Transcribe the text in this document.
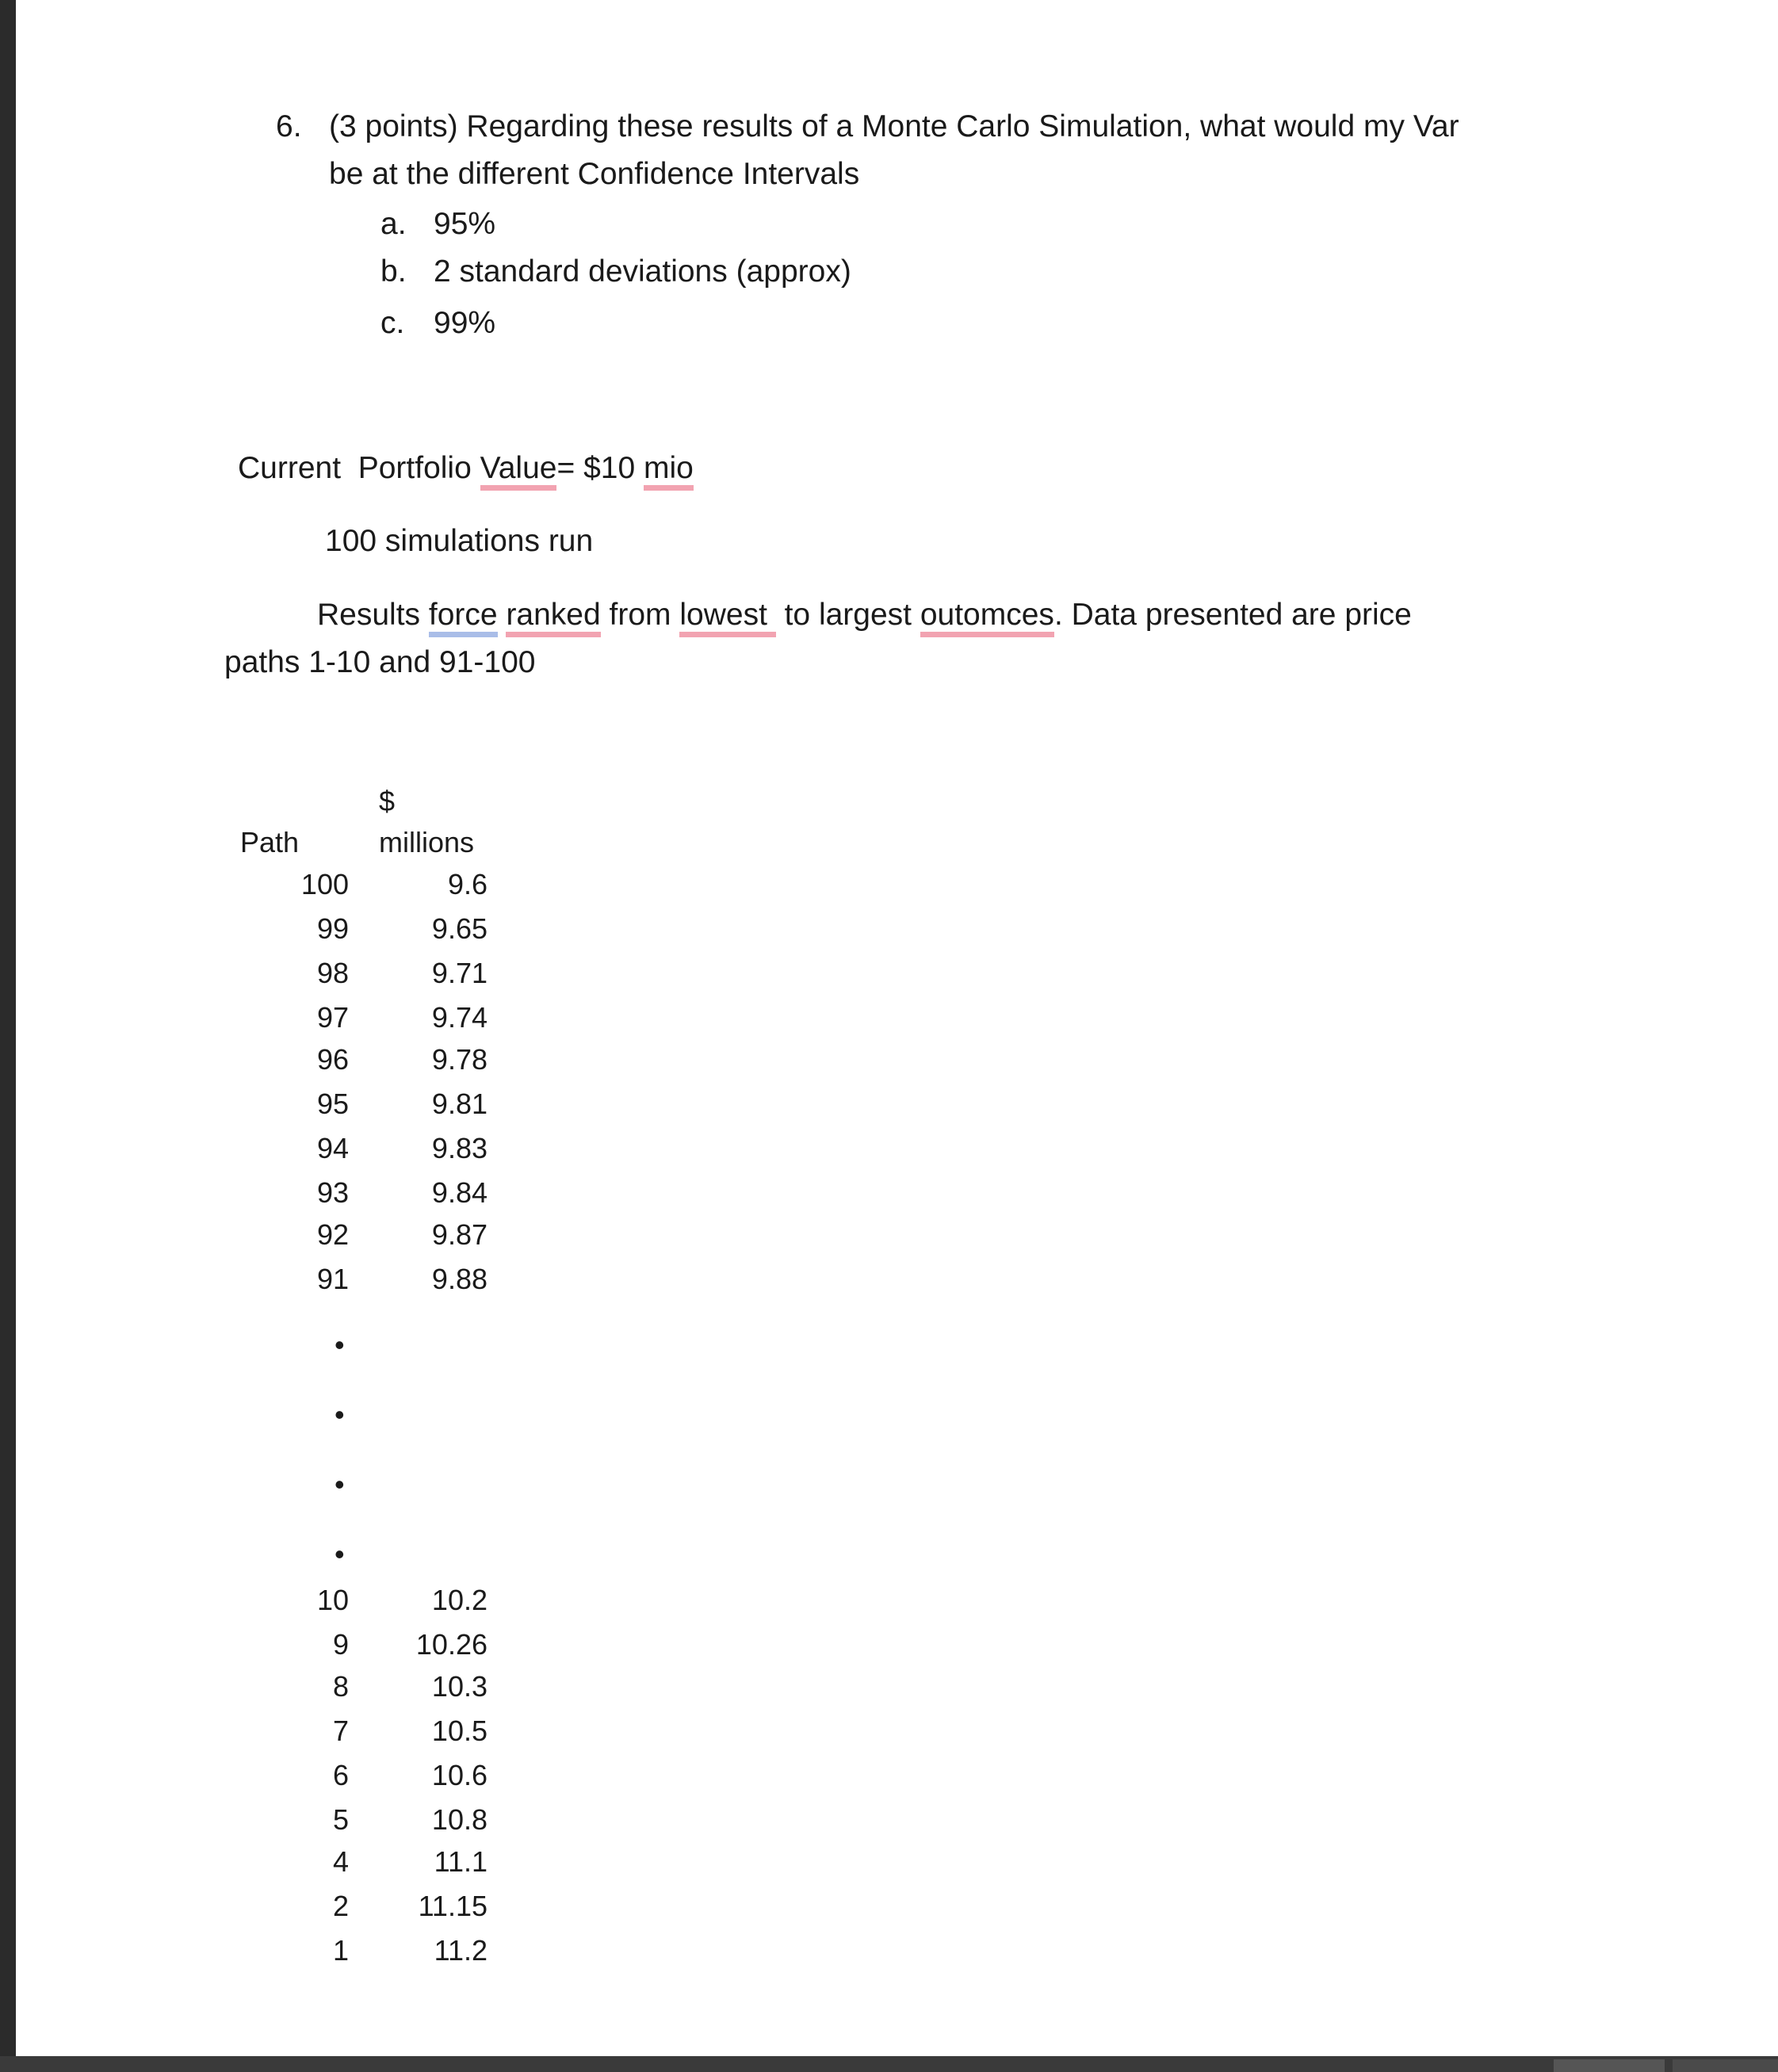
6. (3 points) Regarding these results of a Monte Carlo Simulation, what would my Var
be at the different Confidence Intervals
a. 95%
b. 2 standard deviations (approx)
c. 99%
Current  Portfolio Value= $10 mio
100 simulations run
Results force ranked from lowest  to largest outomces. Data presented are price
paths 1-10 and 91-100
$
Path	millions
100	9.6
99	9.65
98	9.71
97	9.74
96	9.78
95	9.81
94	9.83
93	9.84
92	9.87
91	9.88
•
•
•
•
10	10.2
9	10.26
8	10.3
7	10.5
6	10.6
5	10.8
4	11.1
2	11.15
1	11.2
